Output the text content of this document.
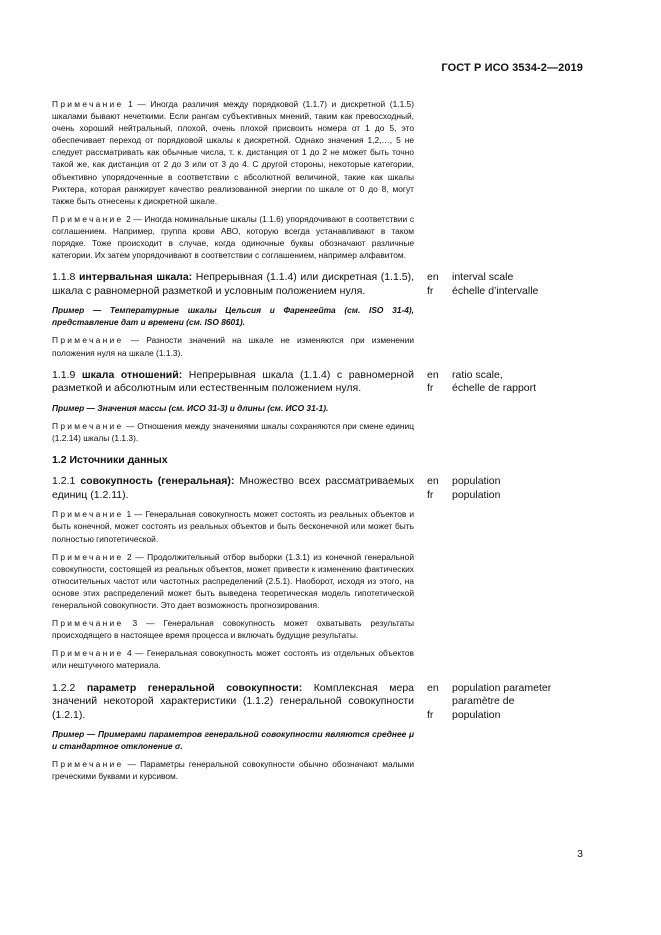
ГОСТ Р ИСО 3534-2—2019
Примечание 1 — Иногда различия между порядковой (1.1.7) и дискретной (1.1.5) шкалами бывают нечеткими. Если рангам субъективных мнений, таким как превосходный, очень хороший нейтральный, плохой, очень плохой присвоить номера от 1 до 5, это обеспечивает переход от порядковой шкалы к дискретной. Однако значения 1,2,…, 5 не следует рассматривать как обычные числа, т. к. дистанция от 1 до 2 не может быть точно такой же, как дистанция от 2 до 3 или от 3 до 4. С другой стороны, некоторые категории, объективно упорядоченные в соответствии с абсолютной величиной, такие как шкалы Рихтера, которая ранжирует качество реализованной энергии по шкале от 0 до 8, могут также быть отнесены к дискретной шкале.
Примечание 2 — Иногда номинальные шкалы (1.1.6) упорядочивают в соответствии с соглашением. Например, группа крови АВО, которую всегда устанавливают в таком порядке. Тоже происходит в случае, когда одиночные буквы обозначают различные категории. Их затем упорядочивают в соответствии с соглашением, например алфавитом.
1.1.8 интервальная шкала: Непрерывная (1.1.4) или дискретная (1.1.5), шкала с равномерной разметкой и условным положением нуля.
Пример — Температурные шкалы Цельсия и Фаренгейта (см. ISO 31-4), представление дат и времени (см. ISO 8601).
Примечание — Разности значений на шкале не изменяются при изменении положения нуля на шкале (1.1.3).
en
fr
interval scale
échelle d’intervalle
1.1.9 шкала отношений: Непрерывная шкала (1.1.4) с равномерной разметкой и абсолютным или естественным положением нуля.
Пример — Значения массы (см. ИСО 31-3) и длины (см. ИСО 31-1).
Примечание — Отношения между значениями шкалы сохраняются при смене единиц (1.2.14) шкалы (1.1.3).
en
fr
ratio scale,
échelle de rapport
1.2 Источники данных
1.2.1 совокупность (генеральная): Множество всех рассматриваемых единиц (1.2.11).
Примечание 1 — Генеральная совокупность может состоять из реальных объектов и быть конечной, может состоять из реальных объектов и быть бесконечной или может быть полностью гипотетической.
Примечание 2 — Продолжительный отбор выборки (1.3.1) из конечной генеральной совокупности, состоящей из реальных объектов, может привести к изменению фактических относительных частот или частотных распределений (2.5.1). Наоборот, исходя из этого, на основе этих распределений может быть выведена теоретическая модель гипотетической генеральной совокупности. Это дает возможность прогнозирования.
Примечание 3 — Генеральная совокупность может охватывать результаты происходящего в настоящее время процесса и включать будущие результаты.
Примечание 4 — Генеральная совокупность может состоять из отдельных объектов или нештучного материала.
en
fr
population
population
1.2.2 параметр генеральной совокупности: Комплексная мера значений некоторой характеристики (1.1.2) генеральной совокупности (1.2.1).
Пример — Примерами параметров генеральной совокупности являются среднее μ и стандартное отклонение σ.
Примечание — Параметры генеральной совокупности обычно обозначают малыми греческими буквами и курсивом.
en

fr
population parameter
paramètre de
population
3
